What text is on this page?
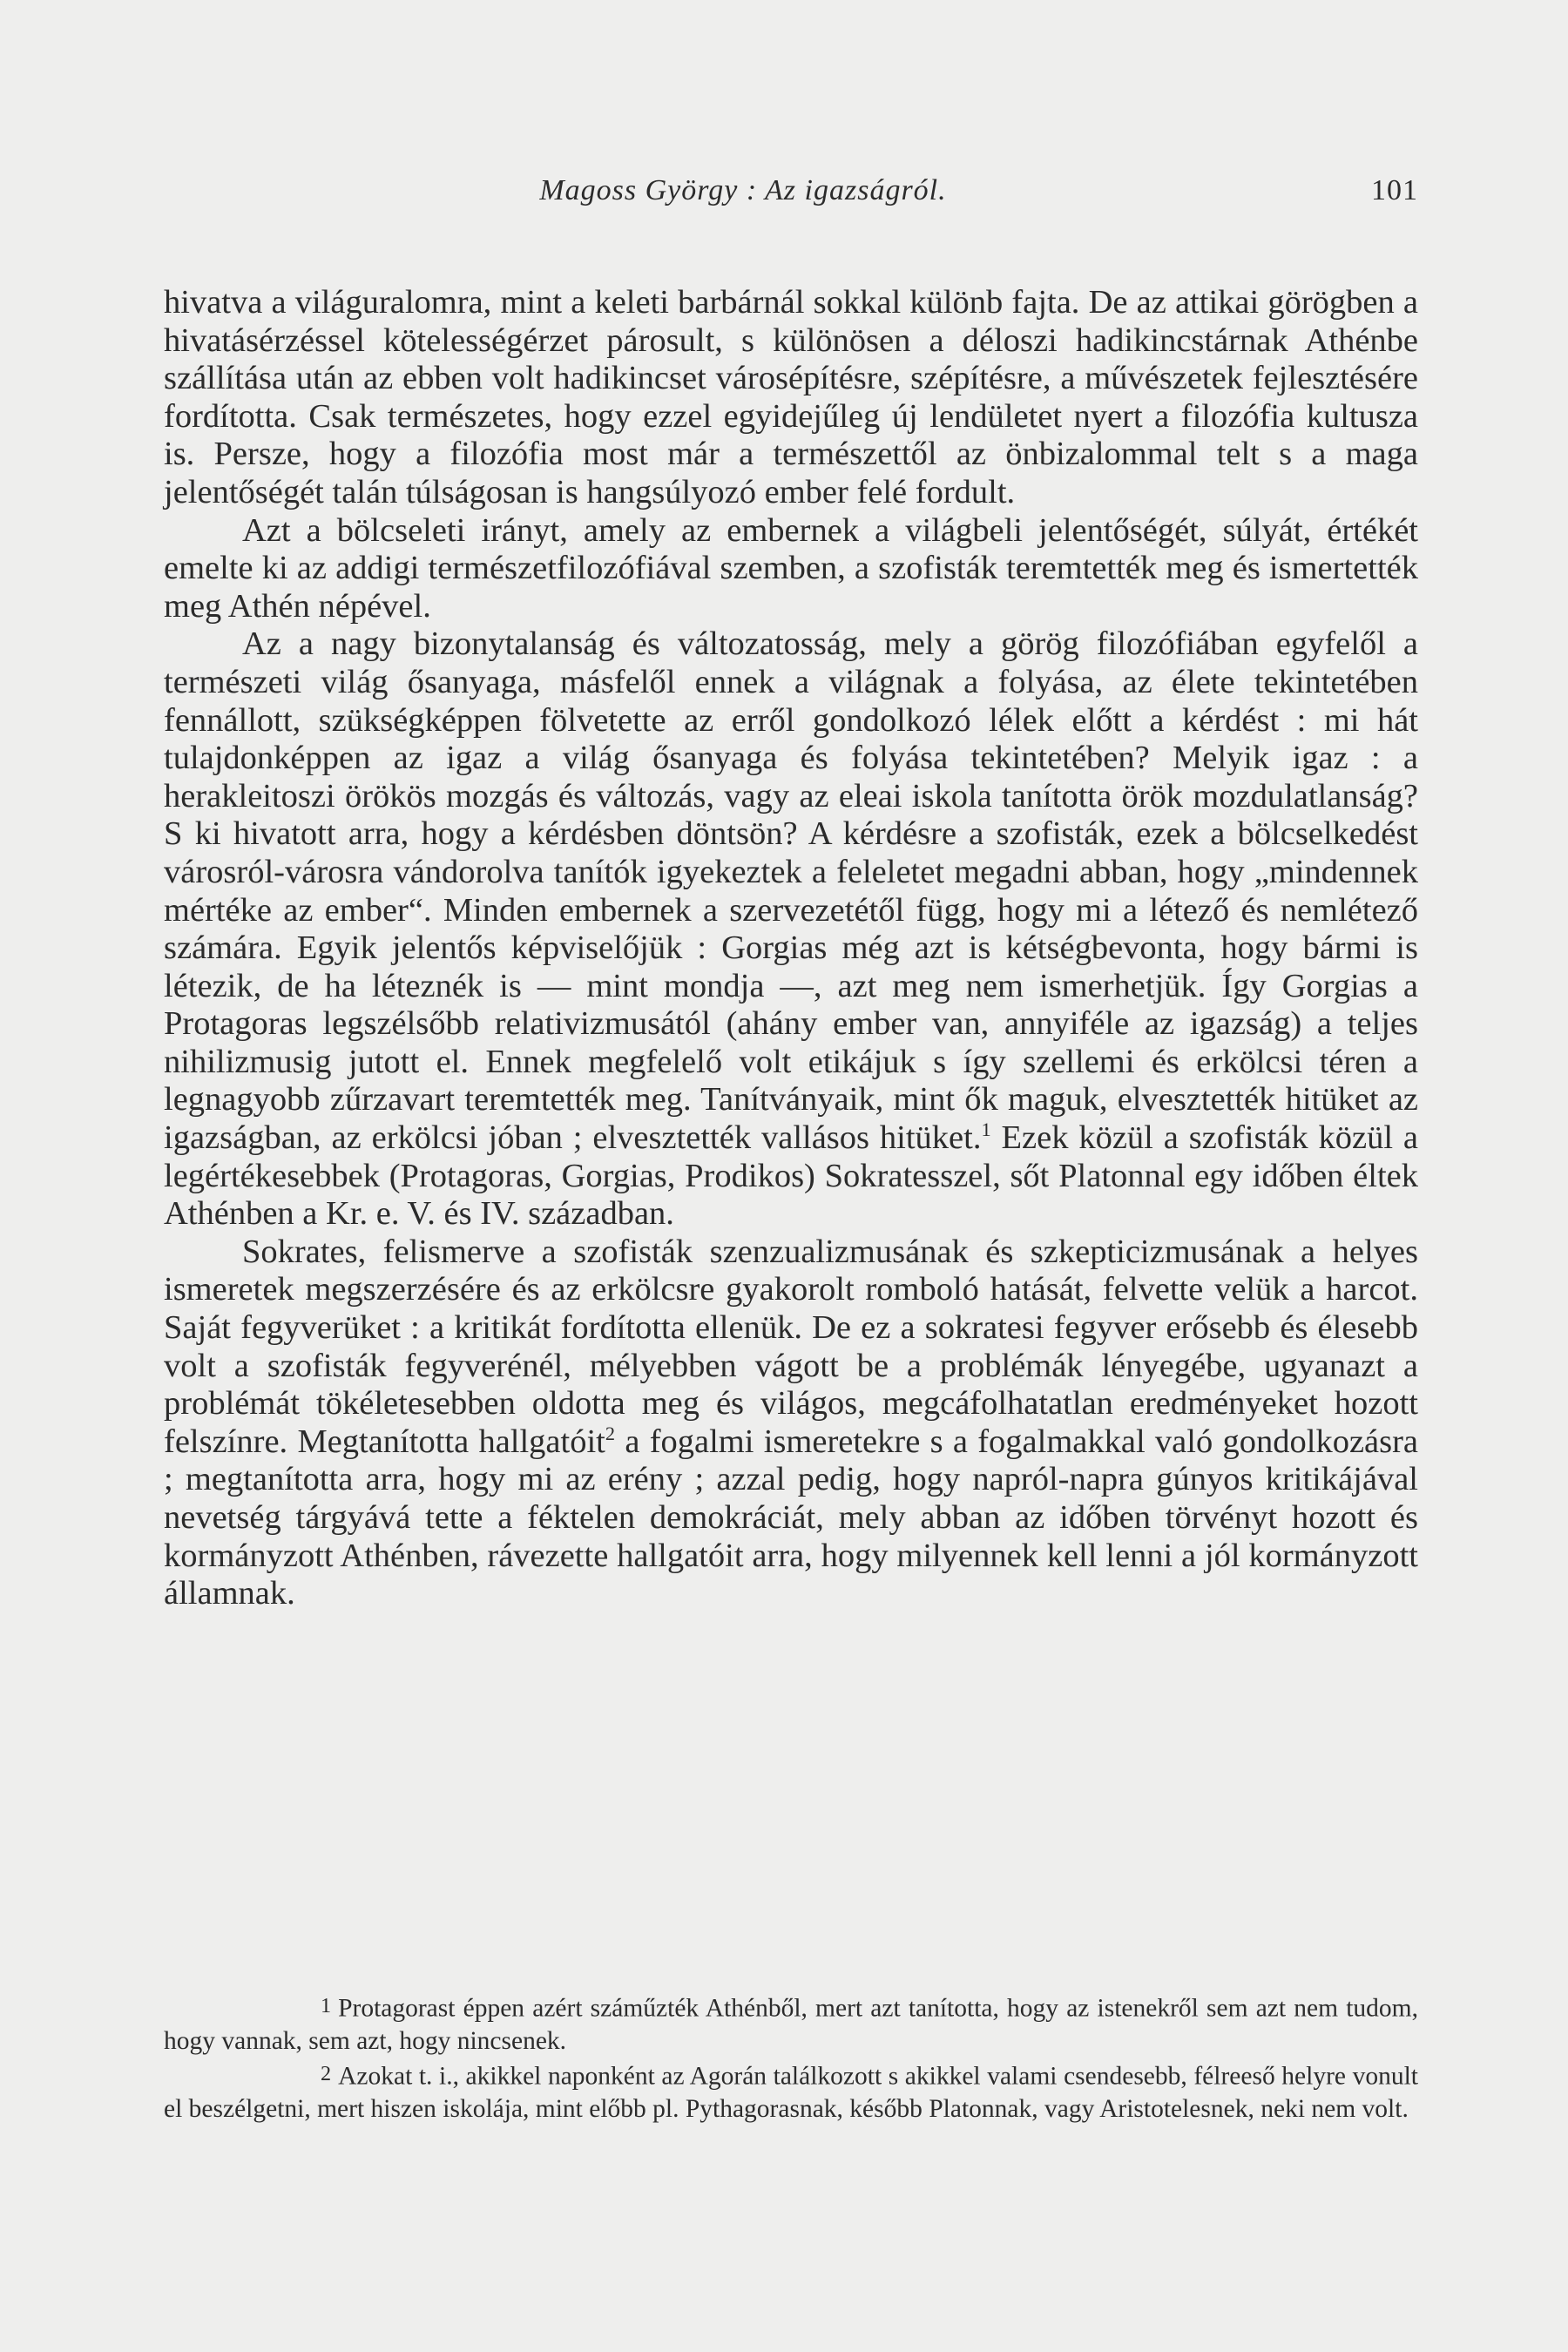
Magoss György : Az igazságról.	101

hivatva a világuralomra, mint a keleti barbárnál sokkal különb fajta. De az attikai görögben a hivatásérzéssel kötelességérzet párosult, s különösen a déloszi hadikincstárnak Athénbe szállítása után az ebben volt hadikincset városépítésre, szépítésre, a művészetek fejlesztésére fordította. Csak természetes, hogy ezzel egyidejűleg új lendületet nyert a filozófia kultusza is. Persze, hogy a filozófia most már a természettől az önbizalommal telt s a maga jelentőségét talán túlságosan is hangsúlyozó ember felé fordult.

Azt a bölcseleti irányt, amely az embernek a világbeli jelentőségét, súlyát, értékét emelte ki az addigi természetfilozófiával szemben, a szofisták teremtették meg és ismertették meg Athén népével.

Az a nagy bizonytalanság és változatosság, mely a görög filozófiában egyfelől a természeti világ ősanyaga, másfelől ennek a világnak a folyása, az élete tekintetében fennállott, szükségképpen fölvetette az erről gondolkozó lélek előtt a kérdést : mi hát tulajdonképpen az igaz a világ ősanyaga és folyása tekintetében? Melyik igaz : a herakleitoszi örökös mozgás és változás, vagy az eleai iskola tanította örök mozdulatlanság? S ki hivatott arra, hogy a kérdésben döntsön? A kérdésre a szofisták, ezek a bölcselkedést városról-városra vándorolva tanítók igyekeztek a feleletet megadni abban, hogy „mindennek mértéke az ember“. Minden embernek a szervezetétől függ, hogy mi a létező és nemlétező számára. Egyik jelentős képviselőjük : Gorgias még azt is kétségbevonta, hogy bármi is létezik, de ha léteznék is — mint mondja —, azt meg nem ismerhetjük. Így Gorgias a Protagoras legszélsőbb relativizmusától (ahány ember van, annyiféle az igazság) a teljes nihilizmusig jutott el. Ennek megfelelő volt etikájuk s így szellemi és erkölcsi téren a legnagyobb zűrzavart teremtették meg. Tanítványaik, mint ők maguk, elvesztették hitüket az igazságban, az erkölcsi jóban ; elvesztették vallásos hitüket.$^1$ Ezek közül a szofisták közül a legértékesebbek (Protagoras, Gorgias, Prodikos) Sokratesszel, sőt Platonnal egy időben éltek Athénben a Kr. e. V. és IV. században.

Sokrates, felismerve a szofisták szenzualizmusának és szkepticizmusának a helyes ismeretek megszerzésére és az erkölcsre gyakorolt romboló hatását, felvette velük a harcot. Saját fegyverüket : a kritikát fordította ellenük. De ez a sokratesi fegyver erősebb és élesebb volt a szofisták fegyverénél, mélyebben vágott be a problémák lényegébe, ugyanazt a problémát tökéletesebben oldotta meg és világos, megcáfolhatatlan eredményeket hozott felszínre. Megtanította hallgatóit$^2$ a fogalmi ismeretekre s a fogalmakkal való gondolkozásra ; megtanította arra, hogy mi az erény ; azzal pedig, hogy napról-napra gúnyos kritikájával nevetség tárgyává tette a féktelen demokráciát, mely abban az időben törvényt hozott és kormányzott Athénben, rávezette hallgatóit arra, hogy milyennek kell lenni a jól kormányzott államnak.

1 Protagorast éppen azért száműzték Athénből, mert azt tanította, hogy az istenekről sem azt nem tudom, hogy vannak, sem azt, hogy nincsenek.

2 Azokat t. i., akikkel naponként az Agorán találkozott s akikkel valami csendesebb, félreeső helyre vonult el beszélgetni, mert hiszen iskolája, mint előbb pl. Pythagorasnak, később Platonnak, vagy Aristotelesnek, neki nem volt.
